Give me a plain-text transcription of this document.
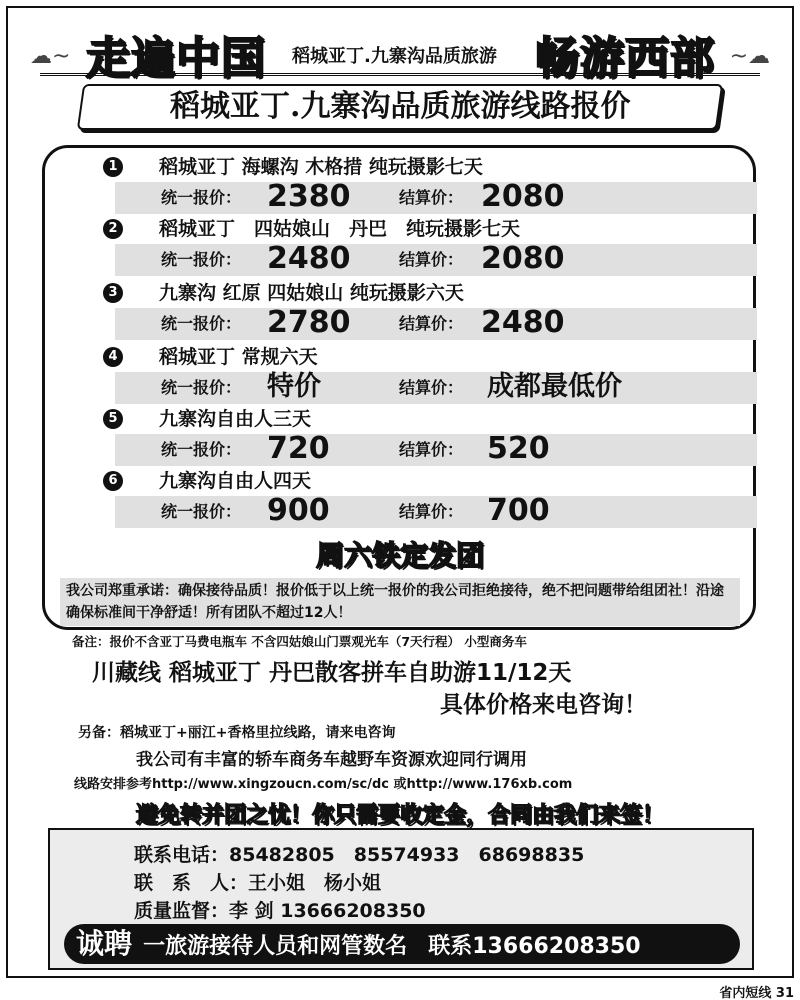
☁~ 走遍中国 稻城亚丁.九寨沟品质旅游 畅游西部 ~☁
稻城亚丁.九寨沟品质旅游线路报价
1 稻城亚丁 海螺沟 木格措 纯玩摄影七天
统一报价： 2380	结算价： 2080
2 稻城亚丁　四姑娘山　丹巴　纯玩摄影七天
统一报价： 2480	结算价： 2080
3 九寨沟 红原 四姑娘山 纯玩摄影六天
统一报价： 2780	结算价： 2480
4 稻城亚丁 常规六天
统一报价： 特价	结算价： 成都最低价
5 九寨沟自由人三天
统一报价： 720	结算价： 520
6 九寨沟自由人四天
统一报价： 900	结算价： 700
周六铁定发团
我公司郑重承诺：确保接待品质！报价低于以上统一报价的我公司拒绝接待，绝不把问题带给组团社！沿途确保标准间干净舒适！所有团队不超过12人！
备注：报价不含亚丁马费电瓶车 不含四姑娘山门票观光车（7天行程） 小型商务车
川藏线 稻城亚丁 丹巴散客拼车自助游11/12天
具体价格来电咨询！
另备：稻城亚丁+丽江+香格里拉线路，请来电咨询
我公司有丰富的轿车商务车越野车资源欢迎同行调用
线路安排参考http://www.xingzoucn.com/sc/dc 或http://www.176xb.com
避免转并团之忧！你只需要收定金，合同由我们来签！
联系电话：85482805　85574933　68698835
联　系　人：王小姐　杨小姐
质量监督：李 剑 13666208350
诚聘 一旅游接待人员和网管数名 联系13666208350
省内短线 31
